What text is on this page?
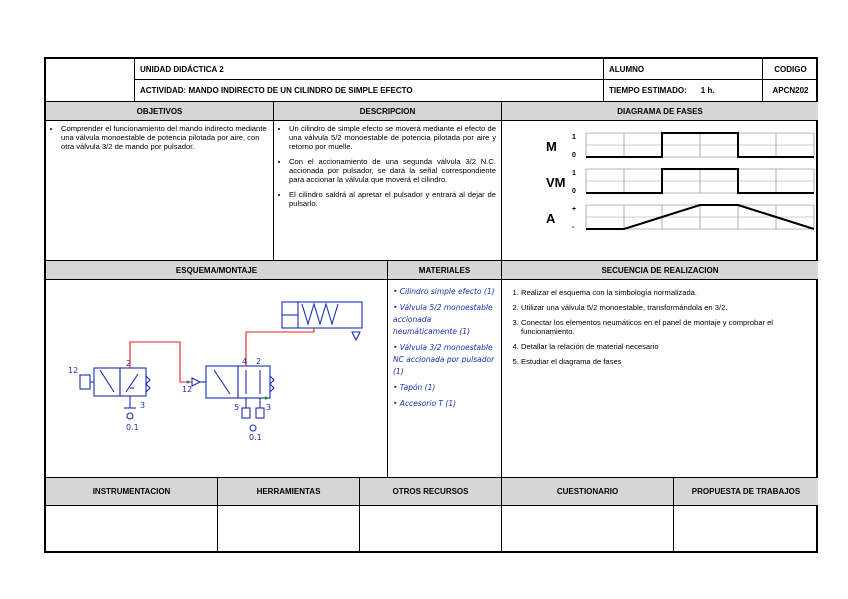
UNIDAD DIDÁCTICA 2	ALUMNO	CODIGO
ACTIVIDAD: MANDO INDIRECTO DE UN CILINDRO DE SIMPLE EFECTO	TIEMPO ESTIMADO: 1 h.	APCN202
OBJETIVOS	DESCRIPCION	DIAGRAMA DE FASES
• Comprender el funcionamiento del mando indirecto mediante una válvula monoestable de potencia pilotada por aire, con otra válvula 3/2 de mando por pulsador.
• Un cilindro de simple efecto se moverá mediante el efecto de una válvula 5/2 monoestable de potencia pilotada por aire y retorno por muelle.
• Con el accionamiento de una segunda válvula 3/2 N.C. accionada por pulsador, se dará la señal correspondiente para accionar la válvula que moverá el cilindro.
• El cilindro saldrá al apretar el pulsador y entrará al dejar de pulsarlo.
M
1
0
VM
1
0
A
+
-
ESQUEMA/MONTAJE	MATERIALES	SECUENCIA DE REALIZACION
12
2
3
0.1
12
4 2
5	3
0.1
• Cilindro simple efecto (1)
• Válvula 5/2 monoestable accionada neumáticamente (1)
• Válvula 3/2 monoestable NC accionada por pulsador (1)
• Tapón (1)
• Accesorio T (1)
1. Realizar el esquema con la simbología normalizada.
2. Utilizar una válvula 5/2 monoestable, transformándola en 3/2.
3. Conectar los elementos neumáticos en el panel de montaje y comprobar el funcionamiento.
4. Detallar la relación de material necesario
5. Estudiar el diagrama de fases
INSTRUMENTACION	HERRAMIENTAS	OTROS RECURSOS	CUESTIONARIO	PROPUESTA DE TRABAJOS
